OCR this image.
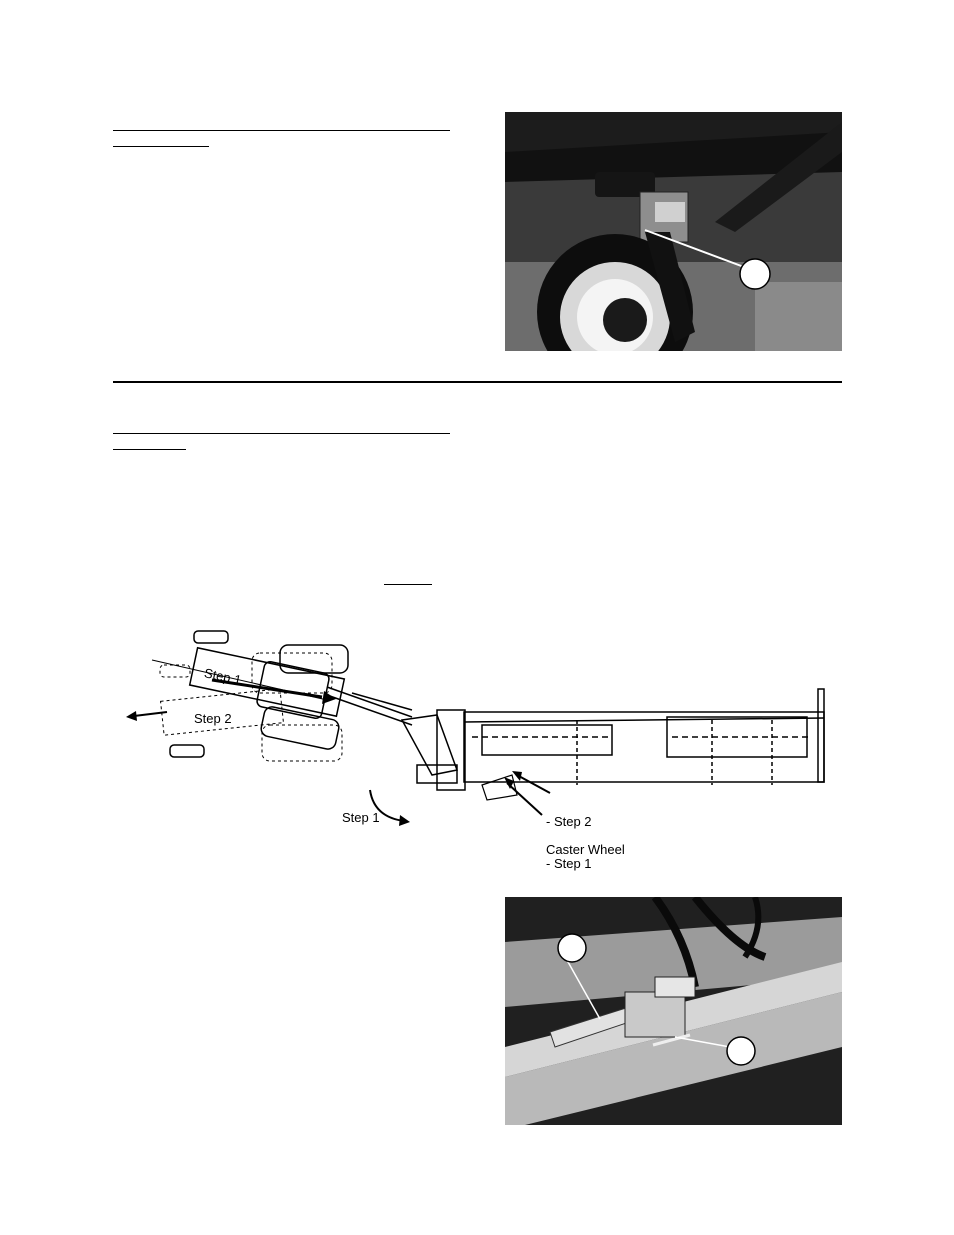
Step 1
Step 2
Step 1	- Step 2
Caster Wheel
- Step 1
